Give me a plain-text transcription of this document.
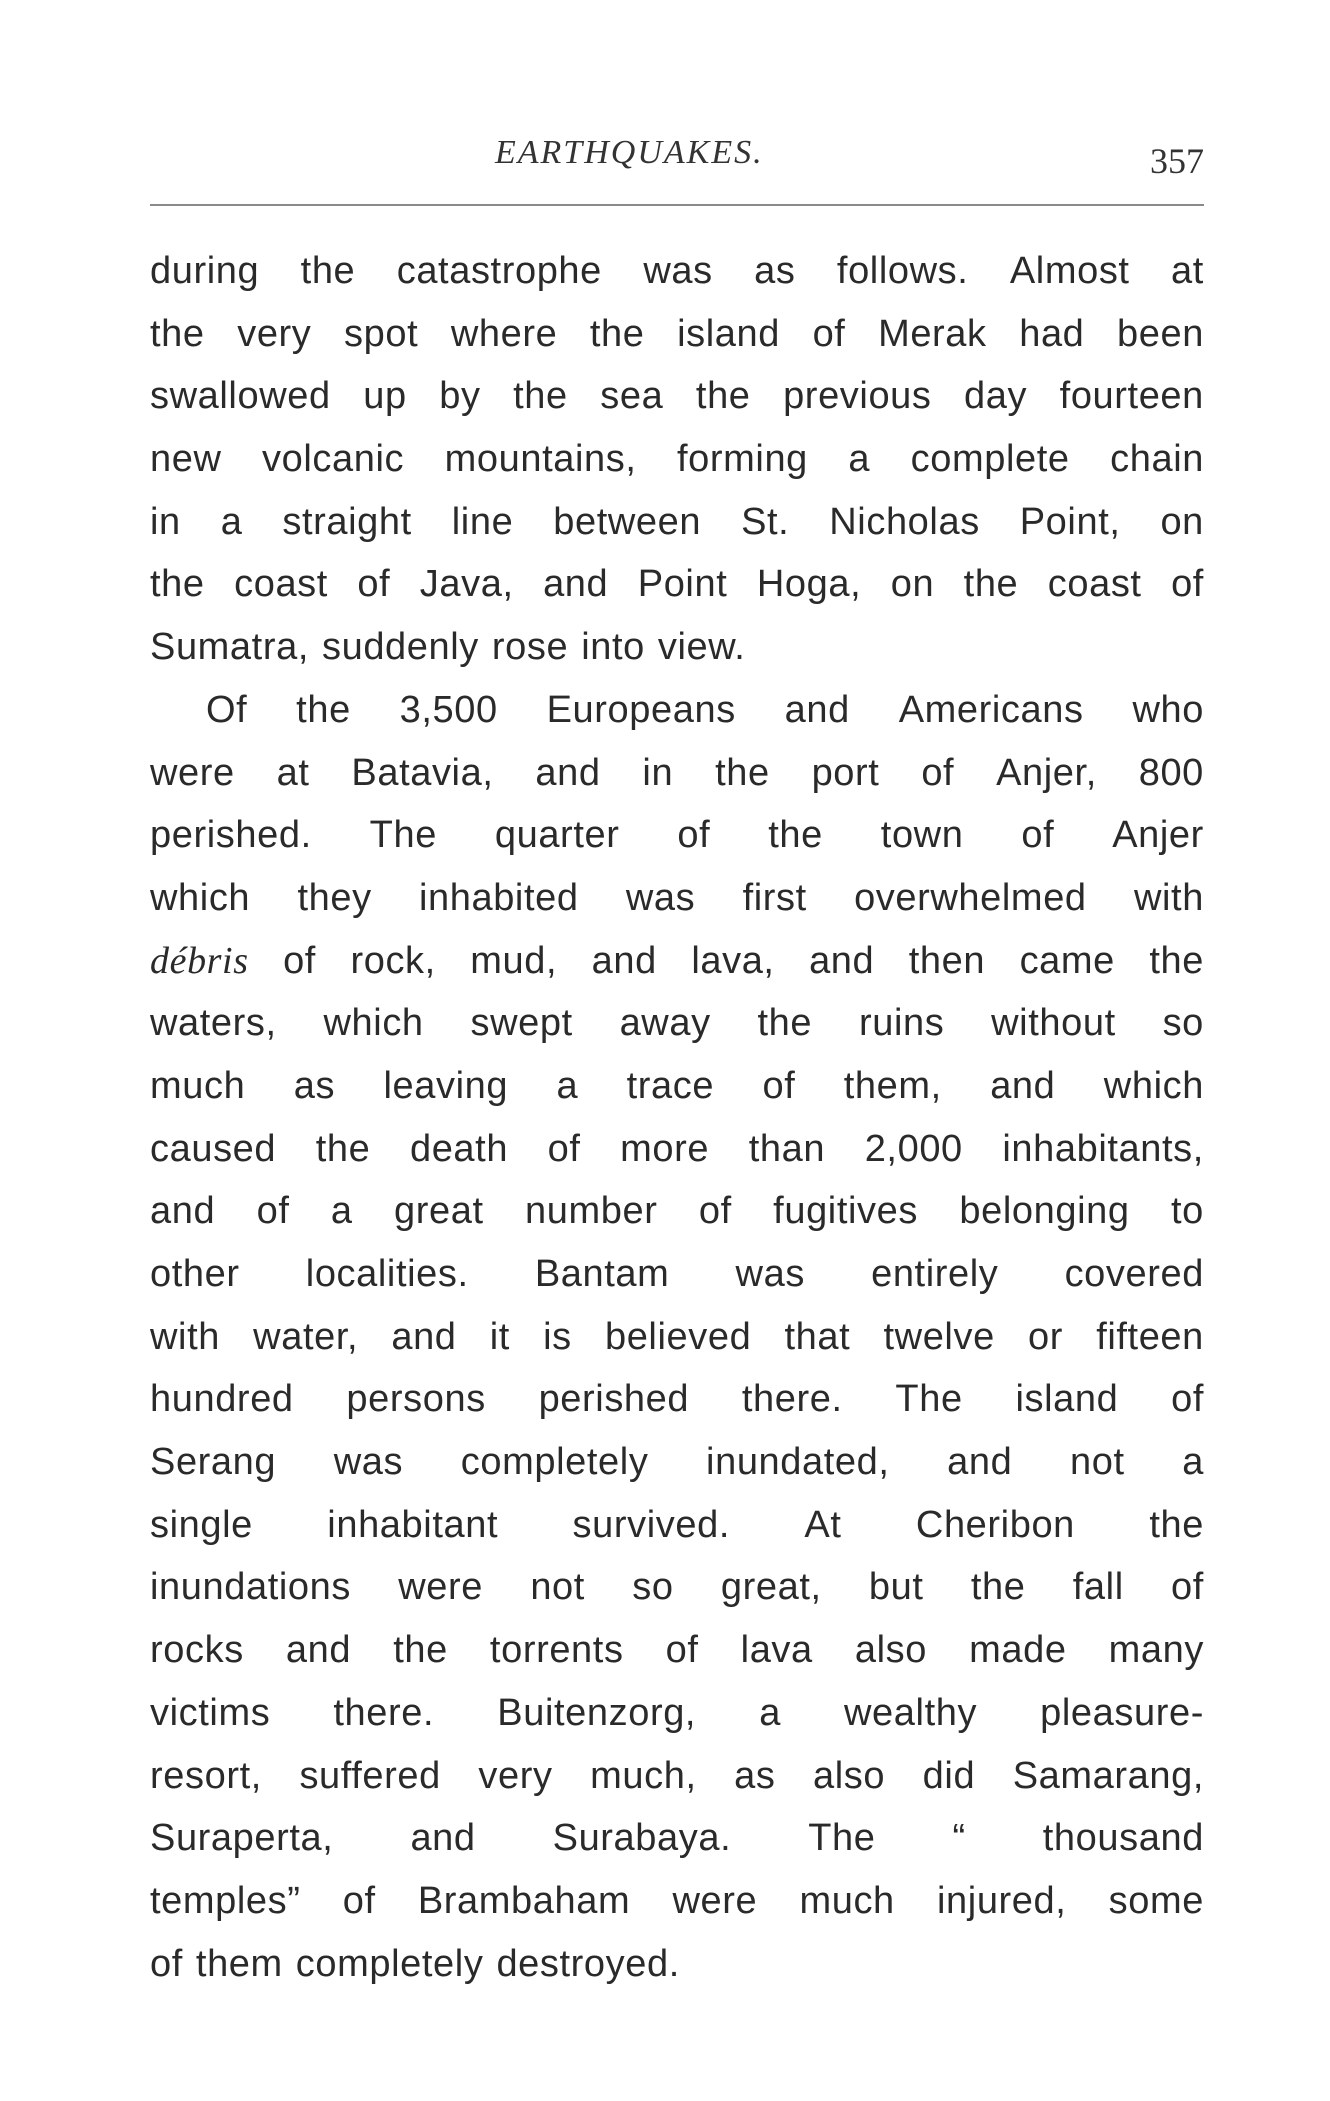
EARTHQUAKES.	357
during the catastrophe was as follows. Almost at
the very spot where the island of Merak had been
swallowed up by the sea the previous day fourteen
new volcanic mountains, forming a complete chain
in a straight line between St. Nicholas Point, on
the coast of Java, and Point Hoga, on the coast of
Sumatra, suddenly rose into view.
Of the 3,500 Europeans and Americans who
were at Batavia, and in the port of Anjer, 800
perished. The quarter of the town of Anjer
which they inhabited was first overwhelmed with
débris of rock, mud, and lava, and then came the
waters, which swept away the ruins without so
much as leaving a trace of them, and which
caused the death of more than 2,000 inhabitants,
and of a great number of fugitives belonging to
other localities. Bantam was entirely covered
with water, and it is believed that twelve or fifteen
hundred persons perished there. The island of
Serang was completely inundated, and not a
single inhabitant survived. At Cheribon the
inundations were not so great, but the fall of
rocks and the torrents of lava also made many
victims there. Buitenzorg, a wealthy pleasure-
resort, suffered very much, as also did Samarang,
Suraperta, and Surabaya. The “ thousand
temples” of Brambaham were much injured, some
of them completely destroyed.
